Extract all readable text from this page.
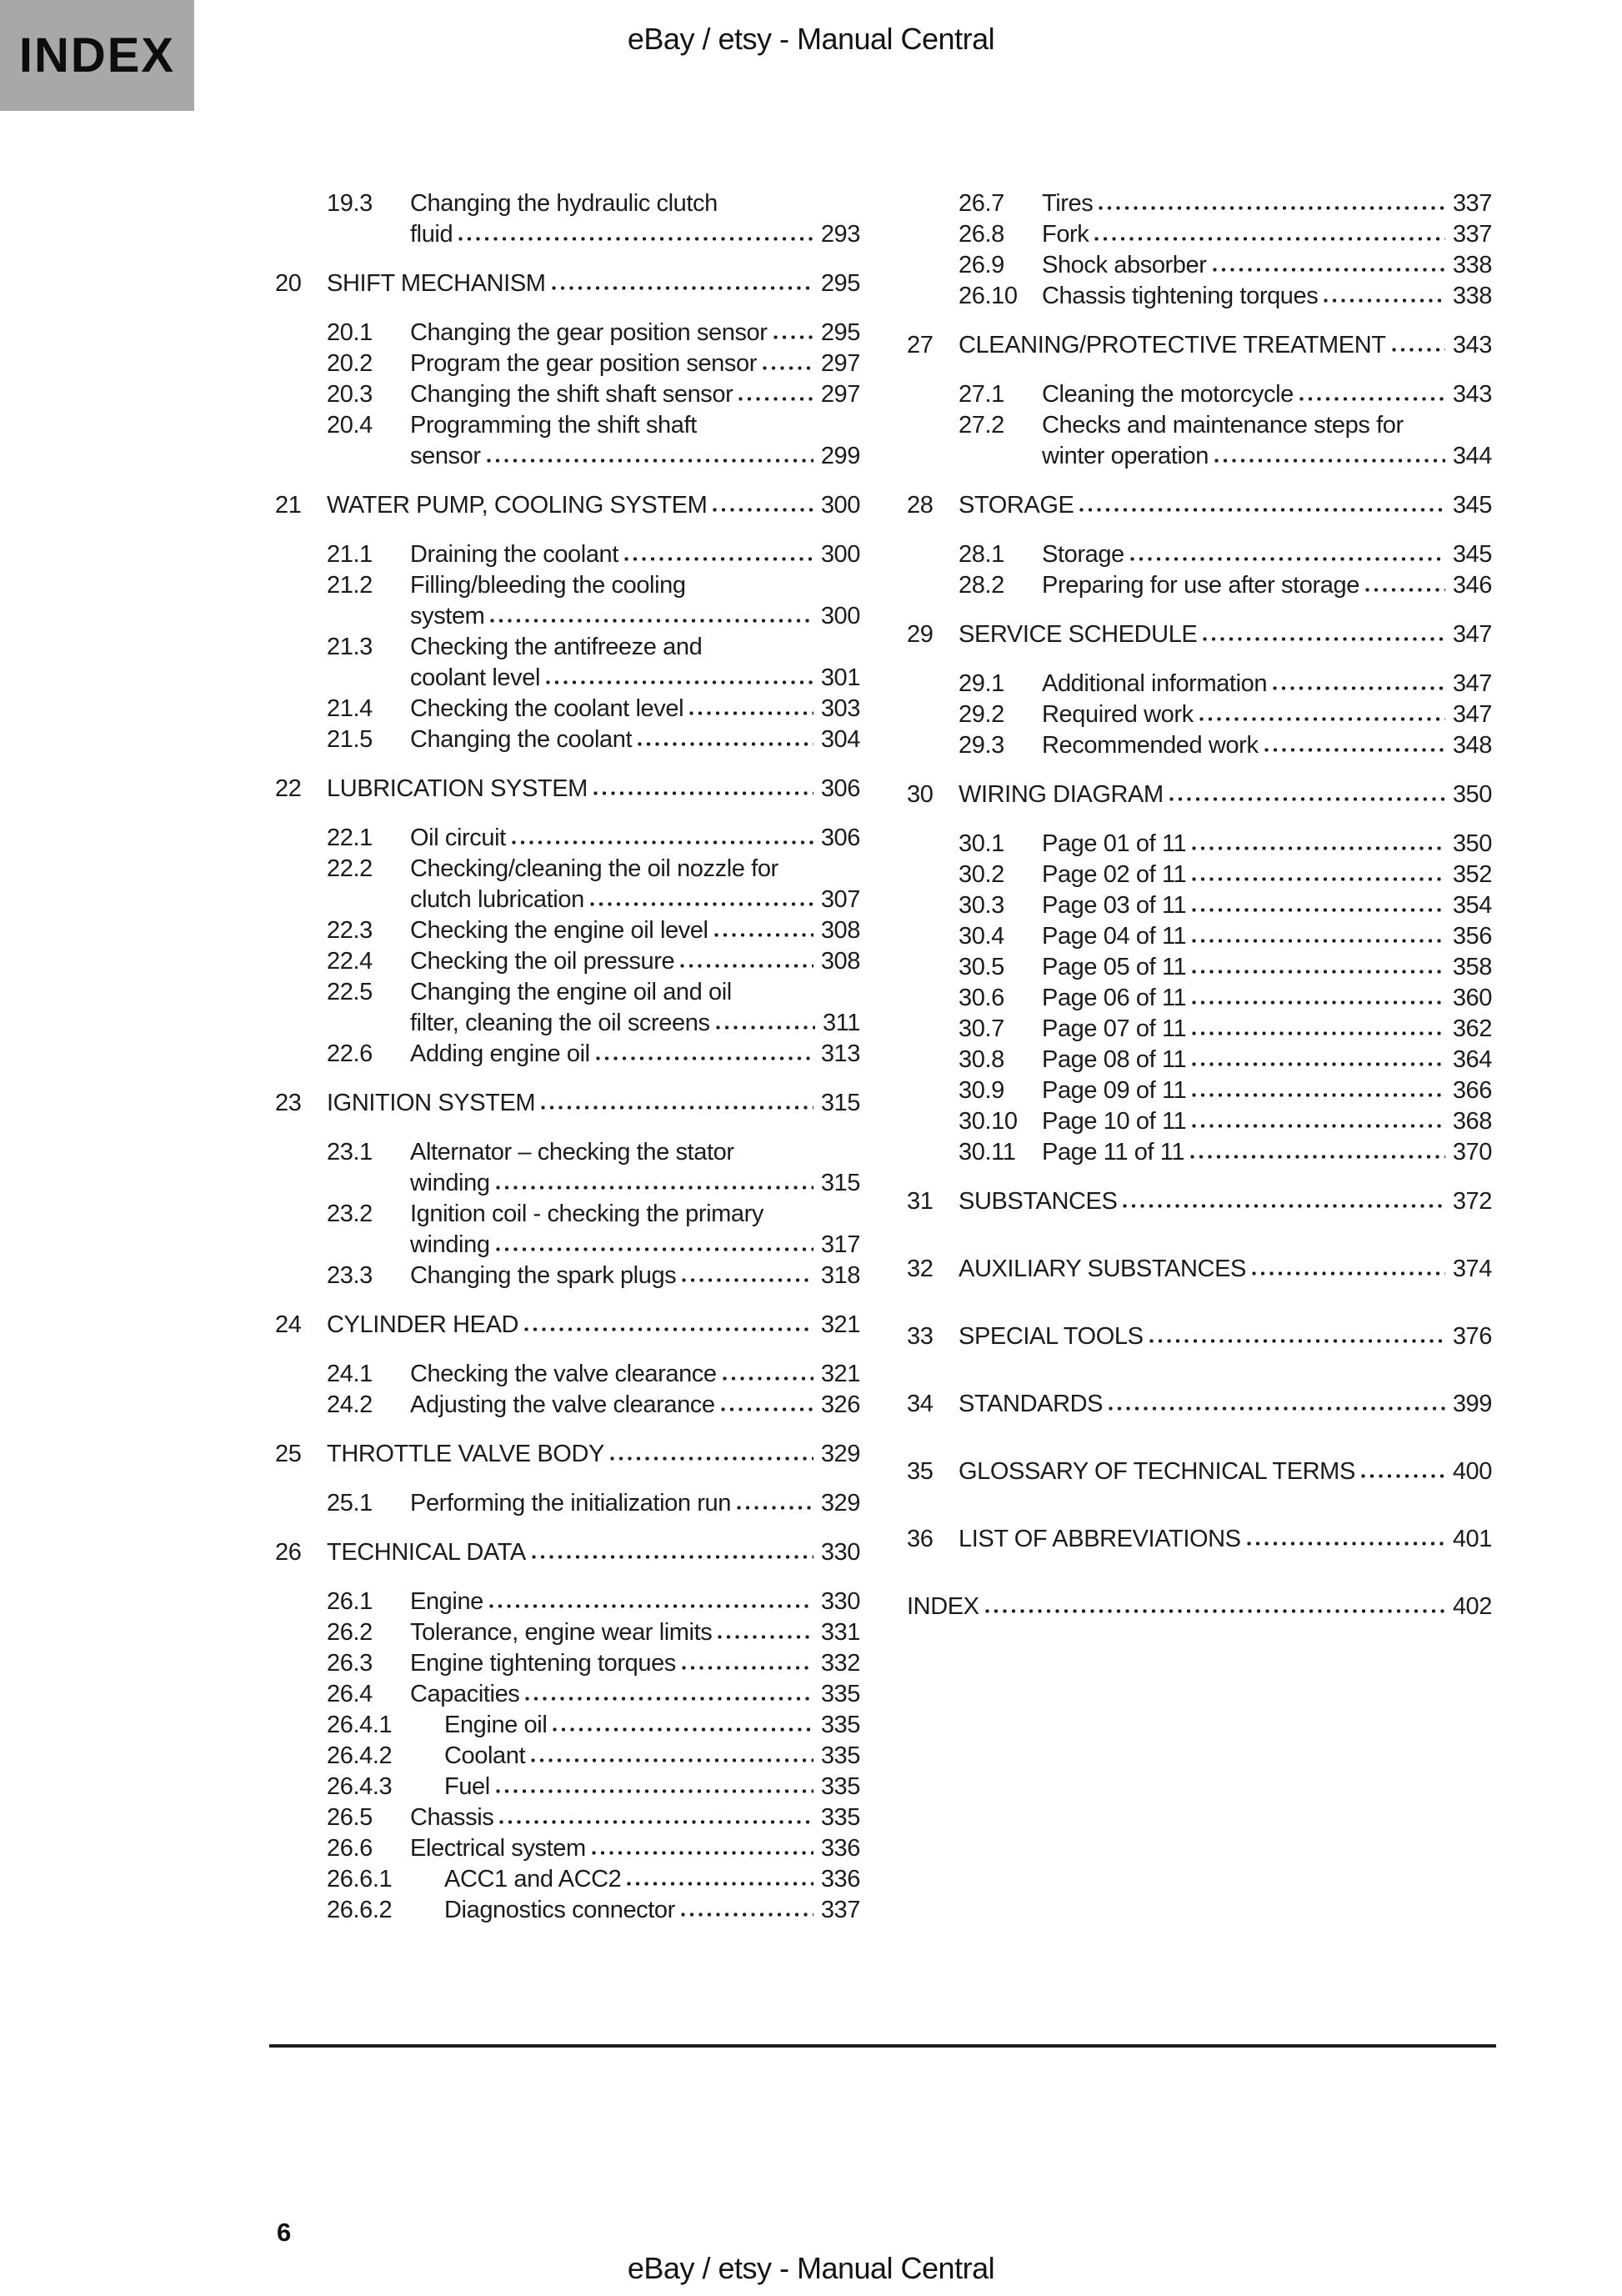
INDEX	eBay / etsy - Manual Central
19.3	Changing the hydraulic clutch
fluid	293
20	SHIFT MECHANISM	295
20.1	Changing the gear position sensor 295
20.2	Program the gear position sensor	297
20.3	Changing the shift shaft sensor	297
20.4	Programming the shift shaft
sensor	299
21	WATER PUMP, COOLING SYSTEM	300
21.1	Draining the coolant	300
21.2	Filling/bleeding the cooling
system	300
21.3	Checking the antifreeze and
coolant level	301
21.4	Checking the coolant level	303
21.5	Changing the coolant	304
22	LUBRICATION SYSTEM	306
22.1	Oil circuit	306
22.2	Checking/cleaning the oil nozzle for
clutch lubrication	307
22.3	Checking the engine oil level	308
22.4	Checking the oil pressure	308
22.5	Changing the engine oil and oil
filter, cleaning the oil screens	311
22.6	Adding engine oil	313
23	IGNITION SYSTEM	315
23.1	Alternator – checking the stator
winding	315
23.2	Ignition coil - checking the primary
winding	317
23.3	Changing the spark plugs	318
24	CYLINDER HEAD	321
24.1	Checking the valve clearance	321
24.2	Adjusting the valve clearance	326
25	THROTTLE VALVE BODY	329
25.1	Performing the initialization run	329
26	TECHNICAL DATA	330
26.1	Engine	330
26.2	Tolerance, engine wear limits	331
26.3	Engine tightening torques	332
26.4	Capacities	335
26.4.1	Engine oil	335
26.4.2	Coolant	335
26.4.3	Fuel	335
26.5	Chassis	335
26.6	Electrical system	336
26.6.1	ACC1 and ACC2	336
26.6.2	Diagnostics connector	337
26.7	Tires	337
26.8	Fork	337
26.9	Shock absorber	338
26.10	Chassis tightening torques	338
27	CLEANING/PROTECTIVE TREATMENT	343
27.1	Cleaning the motorcycle	343
27.2	Checks and maintenance steps for
winter operation	344
28	STORAGE	345
28.1	Storage	345
28.2	Preparing for use after storage	346
29	SERVICE SCHEDULE	347
29.1	Additional information	347
29.2	Required work	347
29.3	Recommended work	348
30	WIRING DIAGRAM	350
30.1	Page 01 of 11	350
30.2	Page 02 of 11	352
30.3	Page 03 of 11	354
30.4	Page 04 of 11	356
30.5	Page 05 of 11	358
30.6	Page 06 of 11	360
30.7	Page 07 of 11	362
30.8	Page 08 of 11	364
30.9	Page 09 of 11	366
30.10	Page 10 of 11	368
30.11	Page 11 of 11	370
31	SUBSTANCES	372
32	AUXILIARY SUBSTANCES	374
33	SPECIAL TOOLS	376
34	STANDARDS	399
35	GLOSSARY OF TECHNICAL TERMS	400
36	LIST OF ABBREVIATIONS	401
INDEX	402
6
eBay / etsy - Manual Central
